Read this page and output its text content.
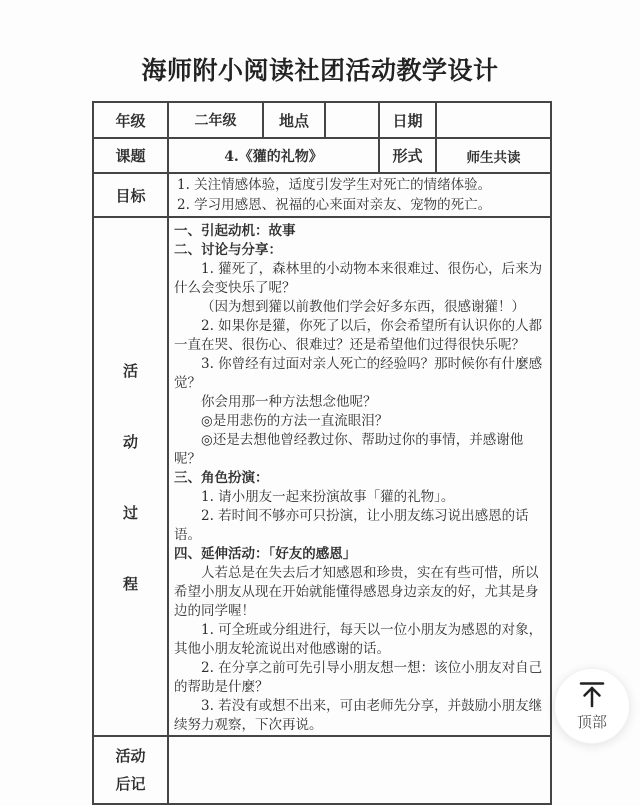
海师附小阅读社团活动教学设计
年级	二年级	地点		日期	
课题	4.《獾的礼物》			形式	师生共读
目标	1. 关注情感体验，适度引发学生对死亡的情绪体验。
2. 学习用感恩、祝福的心来面对亲友、宠物的死亡。				

活
动
过
程

一、引起动机：故事

二、讨论与分享：

1. 獾死了，森林里的小动物本来很难过、很伤心，后来为什么会变快乐了呢？

（因为想到獾以前教他们学会好多东西，很感谢獾！）

2. 如果你是獾，你死了以后，你会希望所有认识你的人都一直在哭、很伤心、很难过？还是希望他们过得很快乐呢？

3. 你曾经有过面对亲人死亡的经验吗？那时候你有什麼感觉？

你会用那一种方法想念他呢？

◎是用悲伤的方法一直流眼泪？

◎还是去想他曾经教过你、帮助过你的事情，并感谢他呢？

三、角色扮演：

1. 请小朋友一起来扮演故事「獾的礼物」。

2. 若时间不够亦可只扮演，让小朋友练习说出感恩的话语。

四、延伸活动：「好友的感恩」

人若总是在失去后才知感恩和珍贵，实在有些可惜，所以希望小朋友从现在开始就能懂得感恩身边亲友的好，尤其是身边的同学喔！

1. 可全班或分组进行，每天以一位小朋友为感恩的对象，其他小朋友轮流说出对他感谢的话。

2. 在分享之前可先引导小朋友想一想：该位小朋友对自己的帮助是什麼？

3. 若没有或想不出来，可由老师先分享，并鼓励小朋友继续努力观察，下次再说。

活动
后记					

顶部
